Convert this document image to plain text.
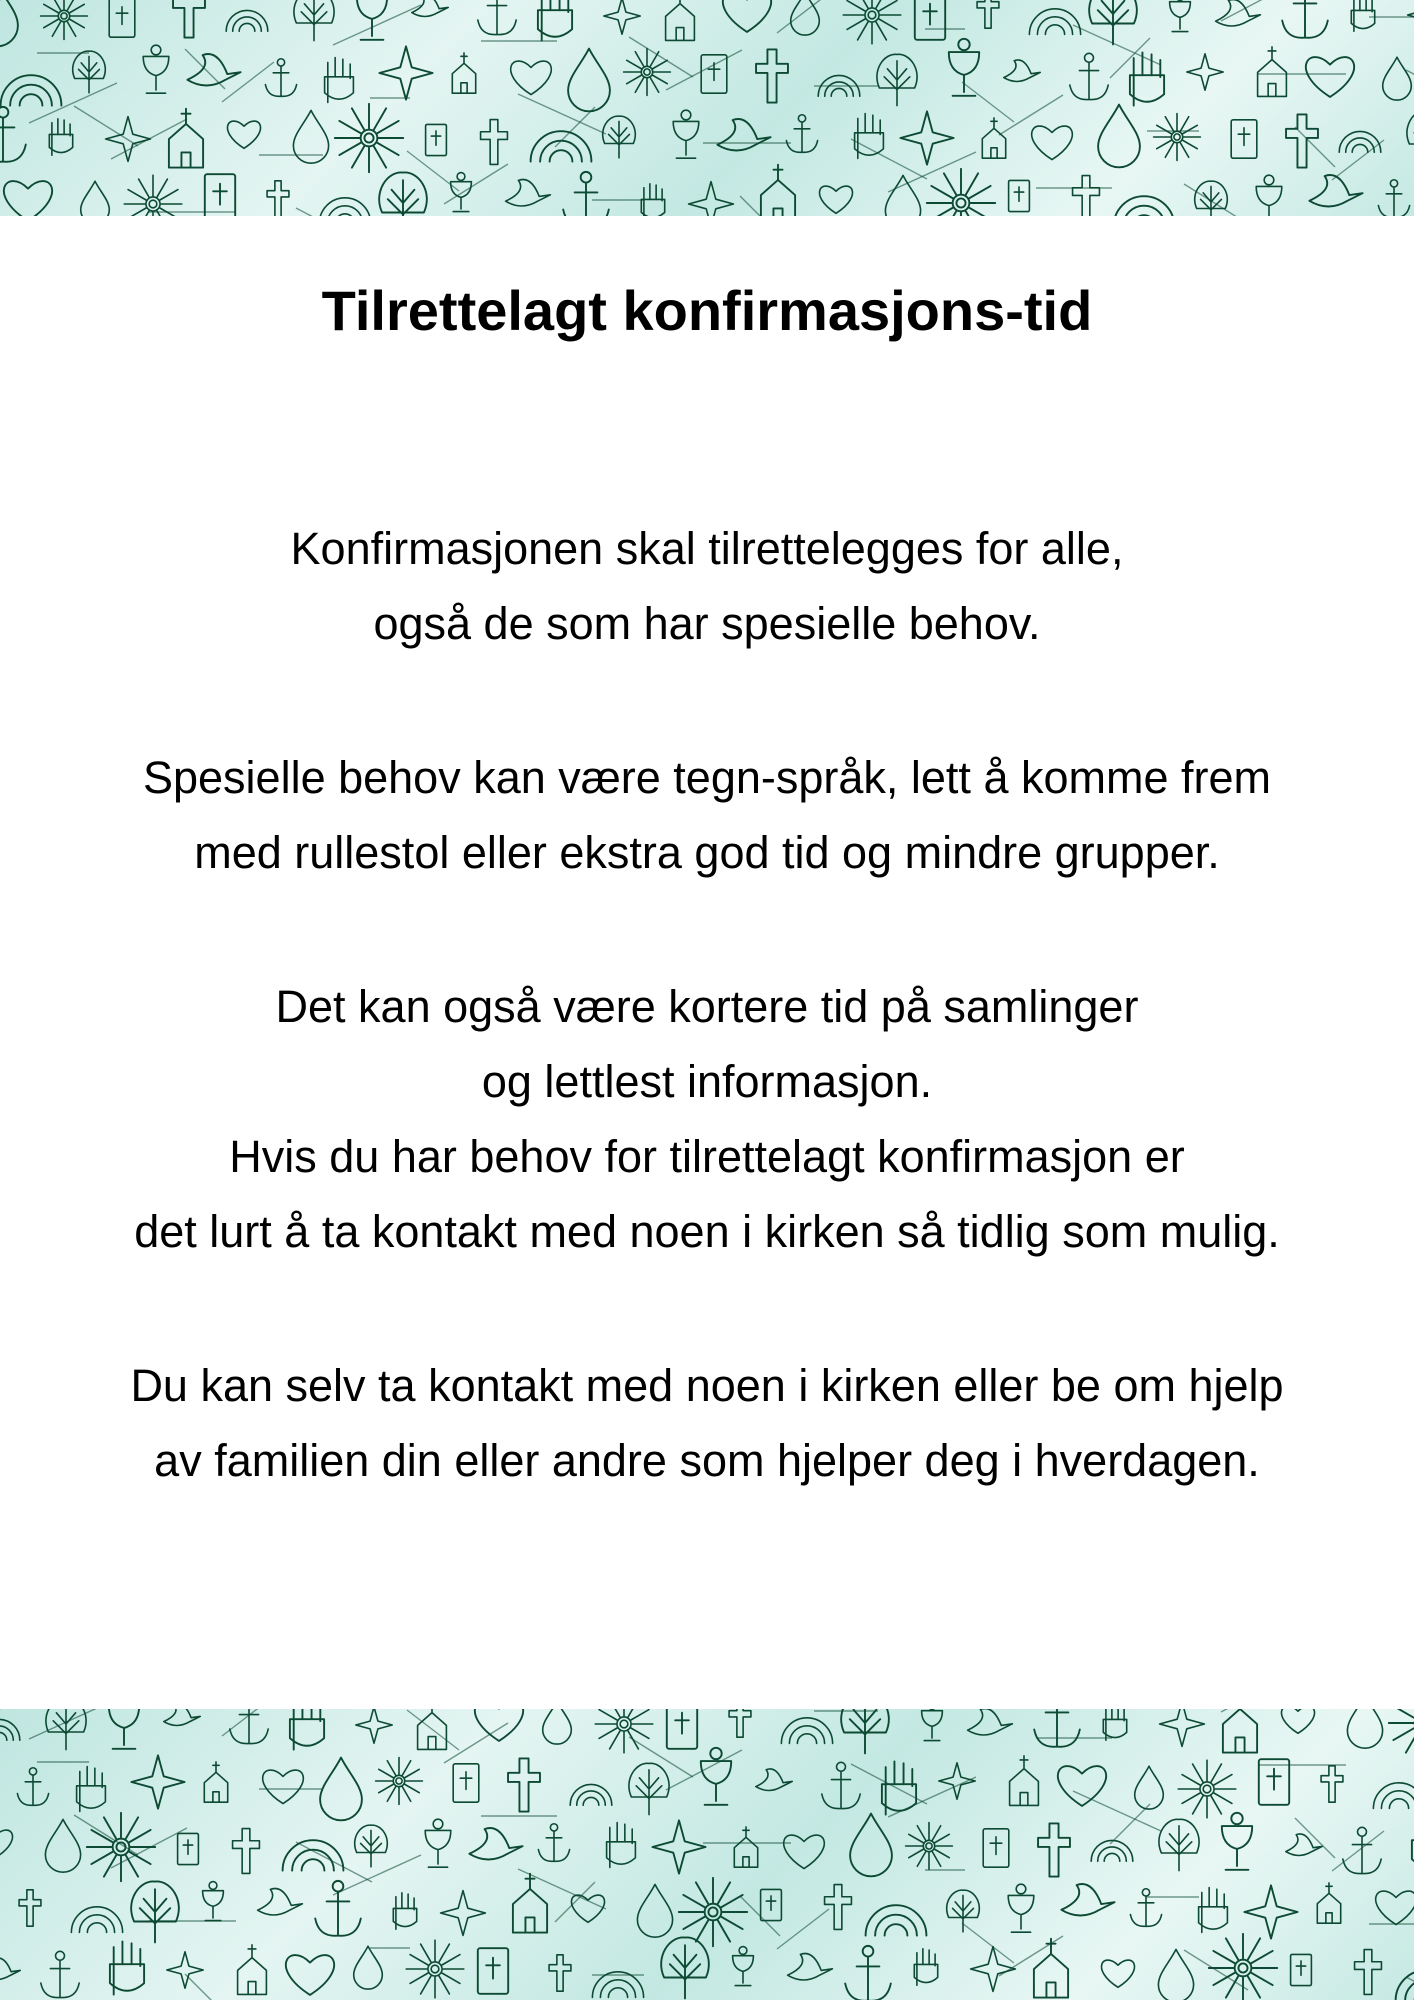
Tilrettelagt konfirmasjons-tid
Konfirmasjonen skal tilrettelegges for alle,
også de som har spesielle behov.
Spesielle behov kan være tegn-språk, lett å komme frem
med rullestol eller ekstra god tid og mindre grupper.
Det kan også være kortere tid på samlinger
og lettlest informasjon.
Hvis du har behov for tilrettelagt konfirmasjon er
det lurt å ta kontakt med noen i kirken så tidlig som mulig.
Du kan selv ta kontakt med noen i kirken eller be om hjelp
av familien din eller andre som hjelper deg i hverdagen.
